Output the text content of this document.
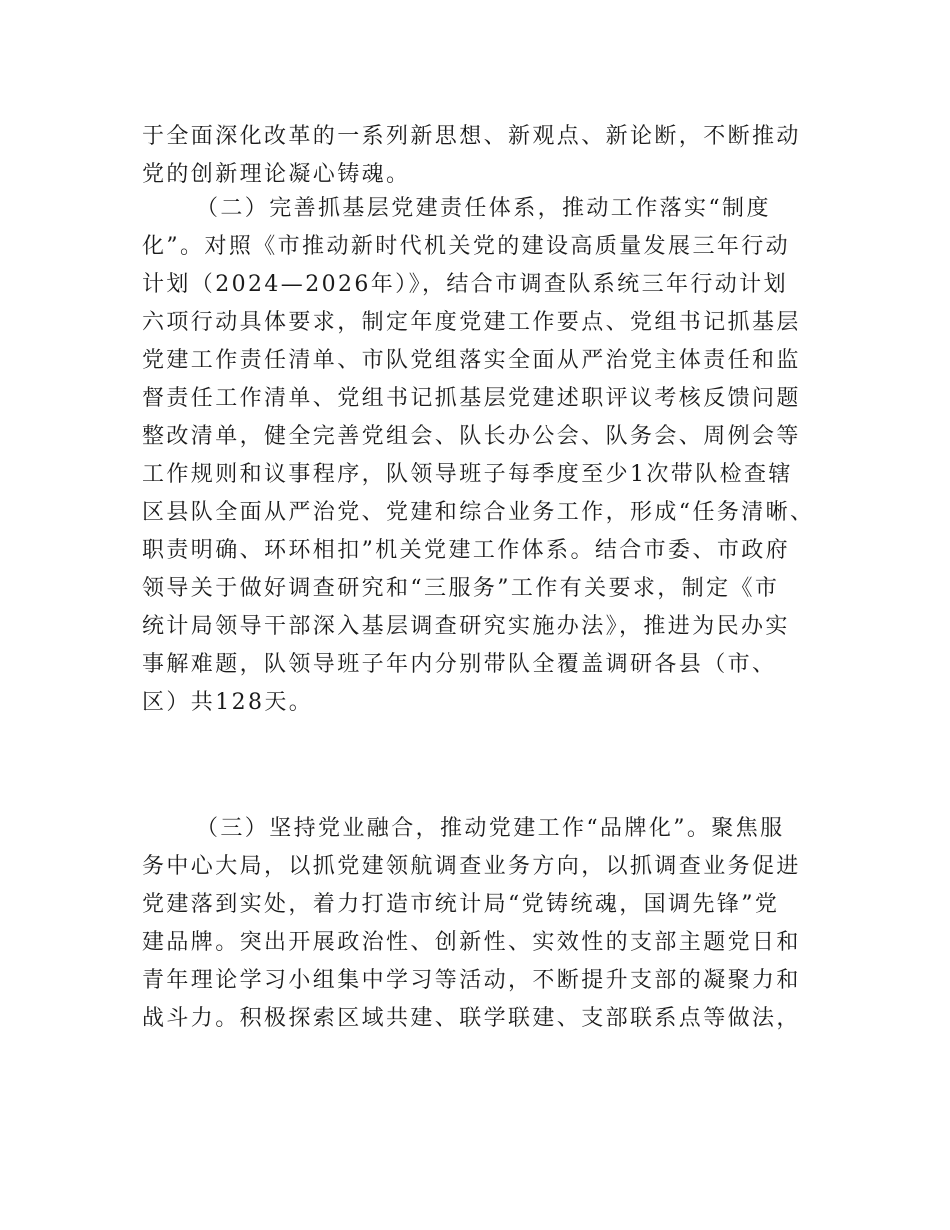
于全面深化改革的一系列新思想、新观点、新论断，不断推动
党的创新理论凝心铸魂。
（二）完善抓基层党建责任体系，推动工作落实“制度
化”。对照《市推动新时代机关党的建设高质量发展三年行动
计划（2024—2026年）》，结合市调查队系统三年行动计划
六项行动具体要求，制定年度党建工作要点、党组书记抓基层
党建工作责任清单、市队党组落实全面从严治党主体责任和监
督责任工作清单、党组书记抓基层党建述职评议考核反馈问题
整改清单，健全完善党组会、队长办公会、队务会、周例会等
工作规则和议事程序，队领导班子每季度至少1次带队检查辖
区县队全面从严治党、党建和综合业务工作，形成“任务清晰、
职责明确、环环相扣”机关党建工作体系。结合市委、市政府
领导关于做好调查研究和“三服务”工作有关要求，制定《市
统计局领导干部深入基层调查研究实施办法》，推进为民办实
事解难题，队领导班子年内分别带队全覆盖调研各县（市、
区）共128天。
（三）坚持党业融合，推动党建工作“品牌化”。聚焦服
务中心大局，以抓党建领航调查业务方向，以抓调查业务促进
党建落到实处，着力打造市统计局“党铸统魂，国调先锋”党
建品牌。突出开展政治性、创新性、实效性的支部主题党日和
青年理论学习小组集中学习等活动，不断提升支部的凝聚力和
战斗力。积极探索区域共建、联学联建、支部联系点等做法，
